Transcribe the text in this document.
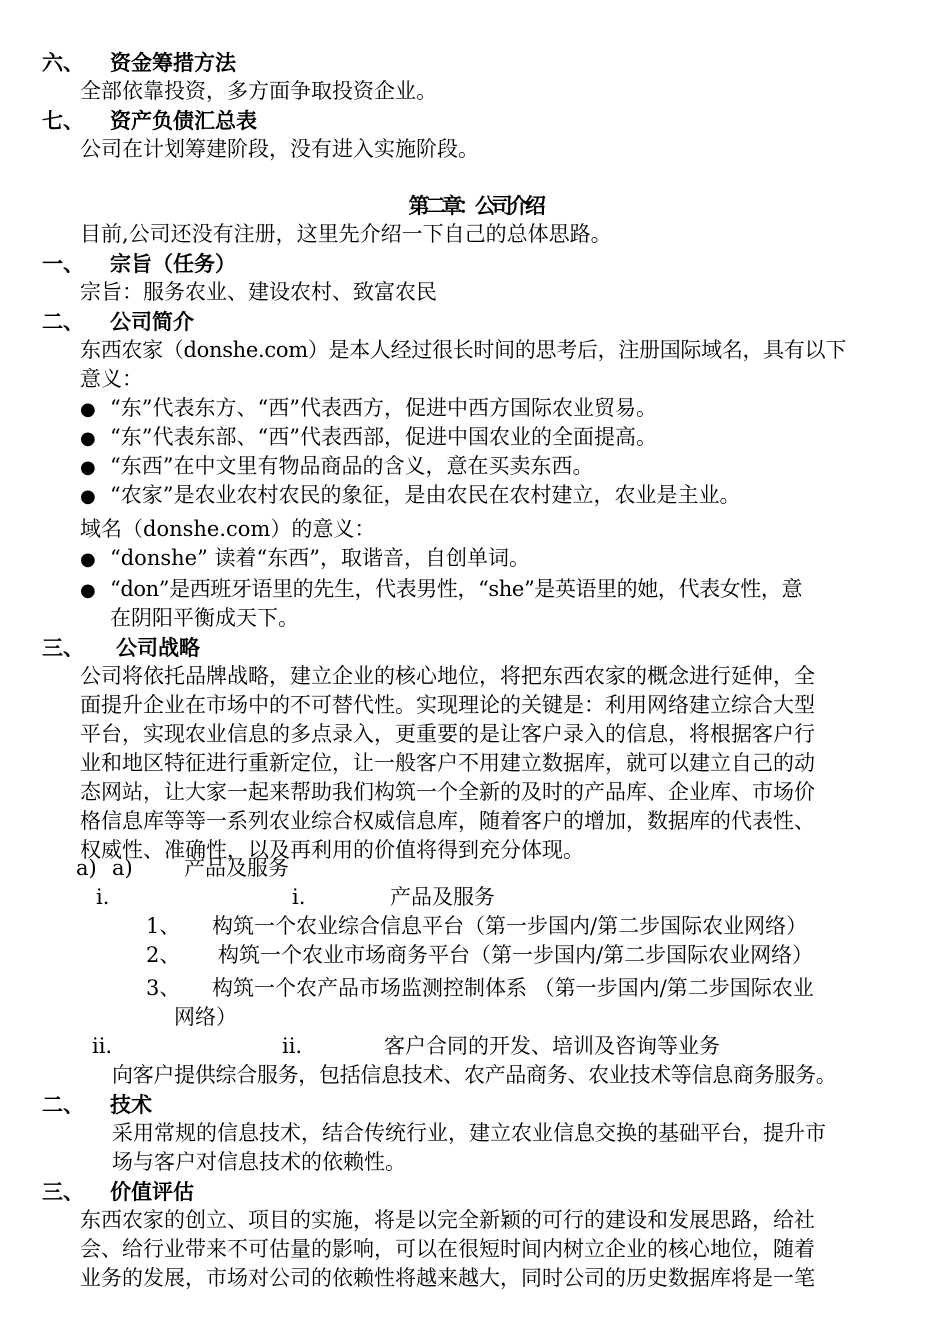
六、 资金筹措方法
全部依靠投资，多方面争取投资企业。
七、 资产负债汇总表
公司在计划筹建阶段，没有进入实施阶段。
第二章：公司介绍
目前,公司还没有注册，这里先介绍一下自己的总体思路。
一、 宗旨（任务）
宗旨：服务农业、建设农村、致富农民
二、 公司简介
东西农家（donshe.com）是本人经过很长时间的思考后，注册国际域名，具有以下
意义：
● “东”代表东方、“西”代表西方，促进中西方国际农业贸易。
● “东”代表东部、“西”代表西部，促进中国农业的全面提高。
● “东西”在中文里有物品商品的含义，意在买卖东西。
● “农家”是农业农村农民的象征，是由农民在农村建立，农业是主业。
域名（donshe.com）的意义：
● “donshe” 读着“东西”，取谐音，自创单词。
● “don”是西班牙语里的先生，代表男性，“she”是英语里的她，代表女性，意
在阴阳平衡成天下。
三、 公司战略
公司将依托品牌战略，建立企业的核心地位，将把东西农家的概念进行延伸，全
面提升企业在市场中的不可替代性。实现理论的关键是：利用网络建立综合大型
平台，实现农业信息的多点录入，更重要的是让客户录入的信息，将根据客户行
业和地区特征进行重新定位，让一般客户不用建立数据库，就可以建立自己的动
态网站，让大家一起来帮助我们构筑一个全新的及时的产品库、企业库、市场价
格信息库等等一系列农业综合权威信息库，随着客户的增加，数据库的代表性、
权威性、准确性，以及再利用的价值将得到充分体现。
a) a) 产品及服务
i.	i.	产品及服务
1、 构筑一个农业综合信息平台（第一步国内/第二步国际农业网络）
2、 构筑一个农业市场商务平台（第一步国内/第二步国际农业网络）
3、 构筑一个农产品市场监测控制体系 （第一步国内/第二步国际农业
网络）
ii.	ii.	客户合同的开发、培训及咨询等业务
向客户提供综合服务，包括信息技术、农产品商务、农业技术等信息商务服务。
二、 技术
采用常规的信息技术，结合传统行业，建立农业信息交换的基础平台，提升市
场与客户对信息技术的依赖性。
三、 价值评估
东西农家的创立、项目的实施，将是以完全新颖的可行的建设和发展思路，给社
会、给行业带来不可估量的影响，可以在很短时间内树立企业的核心地位，随着
业务的发展，市场对公司的依赖性将越来越大，同时公司的历史数据库将是一笔
